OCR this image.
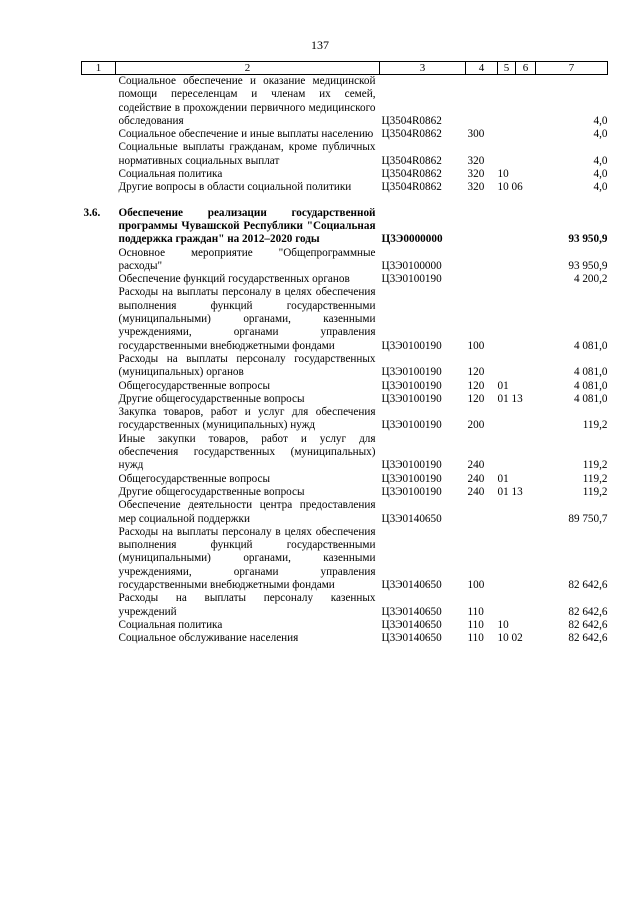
137
1	2	3	4	5	6	7
	Социальное обеспечение и оказание медицинской помощи переселенцам и членам их семей, содействие в прохождении первичного медицинского обследования	Ц3504R0862				4,0
	Социальное обеспечение и иные выплаты населению	Ц3504R0862	300			4,0
	Социальные выплаты гражданам, кроме публичных нормативных социальных выплат	Ц3504R0862	320			4,0
	Социальная политика	Ц3504R0862	320	10		4,0
	Другие вопросы в области социальной политики	Ц3504R0862	320	10 06		4,0

3.6.	Обеспечение реализации государственной программы Чувашской Республики "Социальная поддержка граждан" на 2012–2020 годы	Ц3Э0000000				93 950,9
	Основное мероприятие "Общепрограммные расходы"	Ц3Э0100000				93 950,9
	Обеспечение функций государственных органов	Ц3Э0100190				4 200,2
	Расходы на выплаты персоналу в целях обеспечения выполнения функций государственными (муниципальными) органами, казенными учреждениями, органами управления государственными внебюджетными фондами	Ц3Э0100190	100			4 081,0
	Расходы на выплаты персоналу государственных (муниципальных) органов	Ц3Э0100190	120			4 081,0
	Общегосударственные вопросы	Ц3Э0100190	120	01		4 081,0
	Другие общегосударственные вопросы	Ц3Э0100190	120	01 13		4 081,0
	Закупка товаров, работ и услуг для обеспечения государственных (муниципальных) нужд	Ц3Э0100190	200			119,2
	Иные закупки товаров, работ и услуг для обеспечения государственных (муниципальных) нужд	Ц3Э0100190	240			119,2
	Общегосударственные вопросы	Ц3Э0100190	240	01		119,2
	Другие общегосударственные вопросы	Ц3Э0100190	240	01 13		119,2
	Обеспечение деятельности центра предоставления мер социальной поддержки	Ц3Э0140650				89 750,7
	Расходы на выплаты персоналу в целях обеспечения выполнения функций государственными (муниципальными) органами, казенными учреждениями, органами управления государственными внебюджетными фондами	Ц3Э0140650	100			82 642,6
	Расходы на выплаты персоналу казенных учреждений	Ц3Э0140650	110			82 642,6
	Социальная политика	Ц3Э0140650	110	10		82 642,6
	Социальное обслуживание населения	Ц3Э0140650	110	10 02		82 642,6
